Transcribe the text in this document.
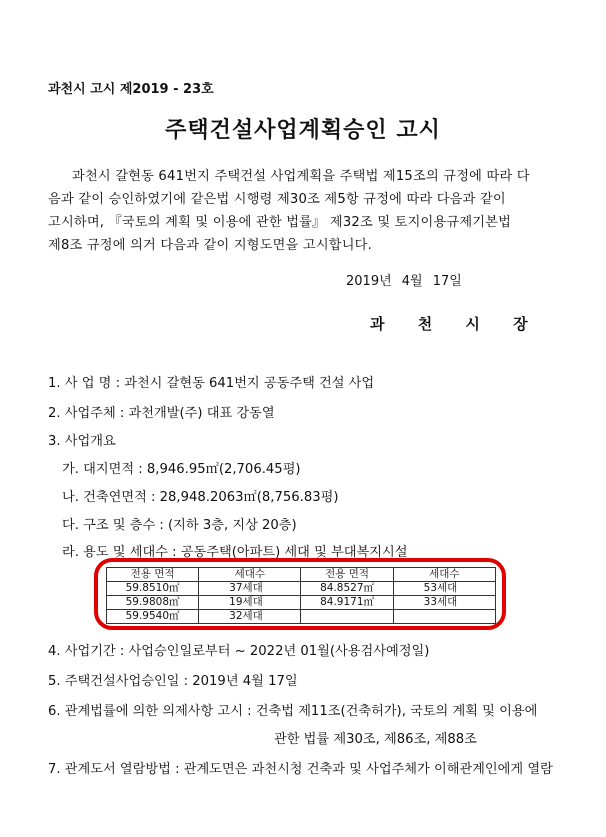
과천시 고시 제2019 - 23호
주택건설사업계획승인 고시
과천시 갈현동 641번지 주택건설 사업계획을 주택법 제15조의 규정에 따라 다
음과 같이 승인하였기에 같은법 시행령 제30조 제5항 규정에 따라 다음과 같이
고시하며, 『국토의 계획 및 이용에 관한 법률』 제32조 및 토지이용규제기본법
제8조 규정에 의거 다음과 같이 지형도면을 고시합니다.
2019년 4월 17일
과 천 시 장
1. 사 업 명 : 과천시 갈현동 641번지 공동주택 건설 사업
2. 사업주체 : 과천개발(주) 대표 강동열
3. 사업개요
가. 대지면적 : 8,946.95㎡(2,706.45평)
나. 건축연면적 : 28,948.2063㎡(8,756.83평)
다. 구조 및 층수 : (지하 3층, 지상 20층)
라. 용도 및 세대수 : 공동주택(아파트) 세대 및 부대복지시설
전용 면적	세대수	전용 면적	세대수
59.8510㎡	37세대	84.8527㎡	53세대
59.9808㎡	19세대	84.9171㎡	33세대
59.9540㎡	32세대		
4. 사업기간 : 사업승인일로부터 ~ 2022년 01월(사용검사예정일)
5. 주택건설사업승인일 : 2019년 4월 17일
6. 관계법률에 의한 의제사항 고시 : 건축법 제11조(건축허가), 국토의 계획 및 이용에
관한 법률 제30조, 제86조, 제88조
7. 관계도서 열람방법 : 관계도면은 과천시청 건축과 및 사업주체가 이해관계인에게 열람
